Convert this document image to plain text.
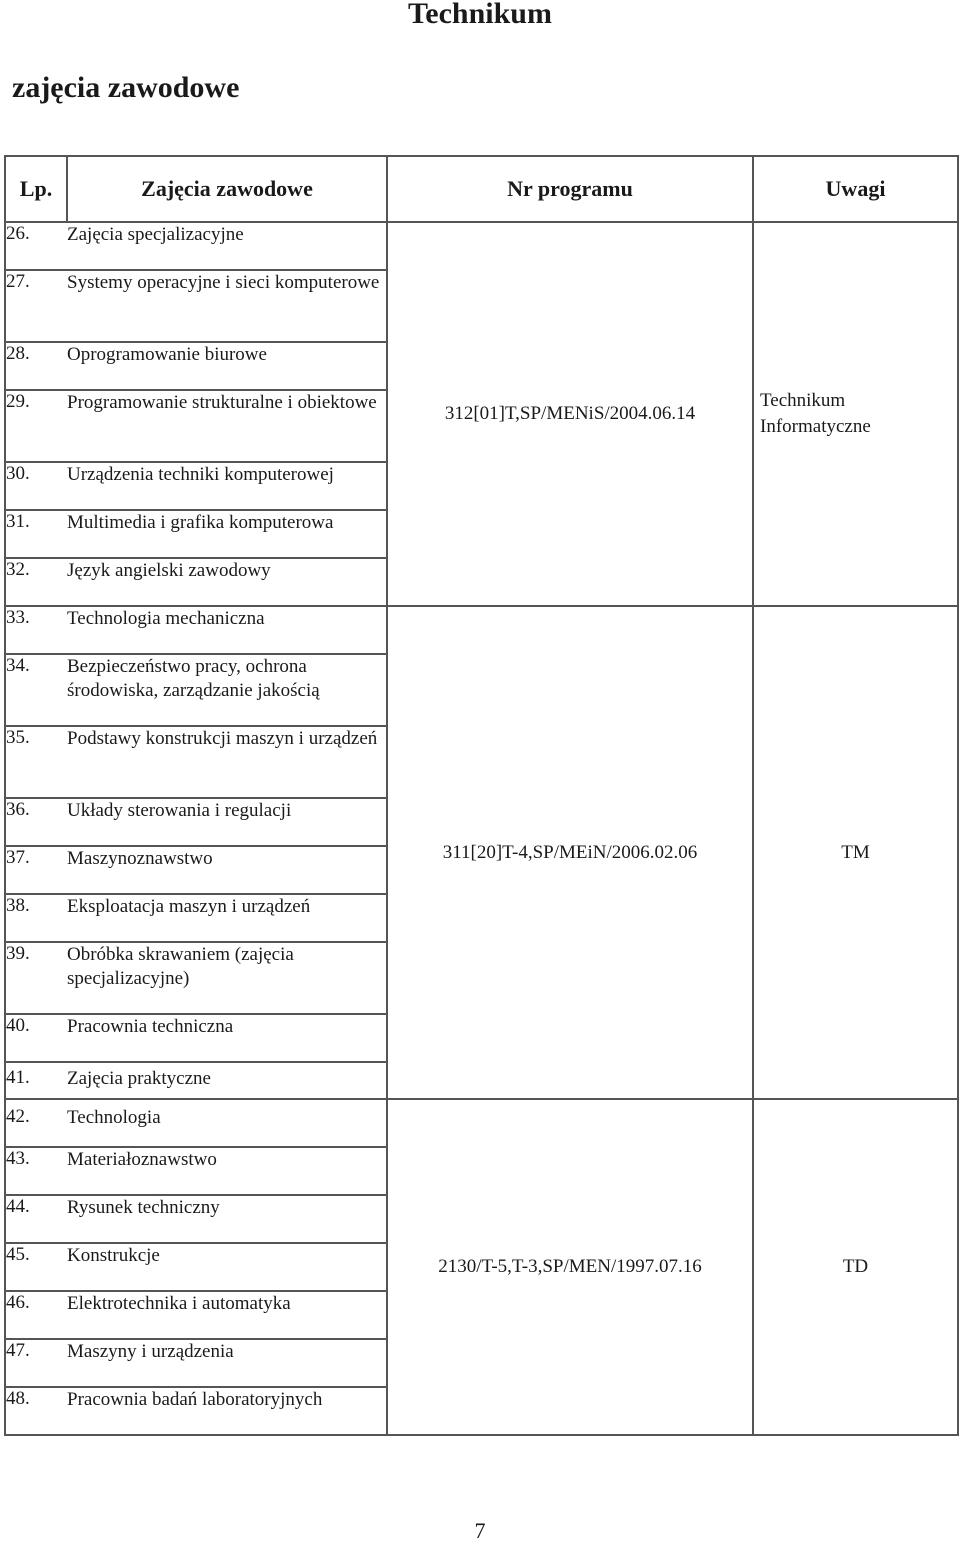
Technikum
zajęcia zawodowe
Lp.	Zajęcia zawodowe	Nr programu	Uwagi
26.	Zajęcia specjalizacyjne	312[01]T,SP/MENiS/2004.06.14	Technikum
Informatyczne

27.	Systemy operacyjne i sieci komputerowe		
28.	Oprogramowanie biurowe		
29.	Programowanie strukturalne i obiektowe		
30.	Urządzenia techniki komputerowej		
31.	Multimedia i grafika komputerowa		
32.	Język angielski zawodowy		
33.	Technologia mechaniczna	311[20]T-4,SP/MEiN/2006.02.06	TM
34.	Bezpieczeństwo pracy, ochrona środowiska, zarządzanie jakością		
35.	Podstawy konstrukcji maszyn i urządzeń		
36.	Układy sterowania i regulacji		
37.	Maszynoznawstwo		
38.	Eksploatacja maszyn i urządzeń		
39.	Obróbka skrawaniem (zajęcia specjalizacyjne)		
40.	Pracownia techniczna		
41.	Zajęcia praktyczne		
42.	Technologia	2130/T-5,T-3,SP/MEN/1997.07.16	TD
43.	Materiałoznawstwo		
44.	Rysunek techniczny		
45.	Konstrukcje		
46.	Elektrotechnika i automatyka		
47.	Maszyny i urządzenia		
48.	Pracownia badań laboratoryjnych		
7
